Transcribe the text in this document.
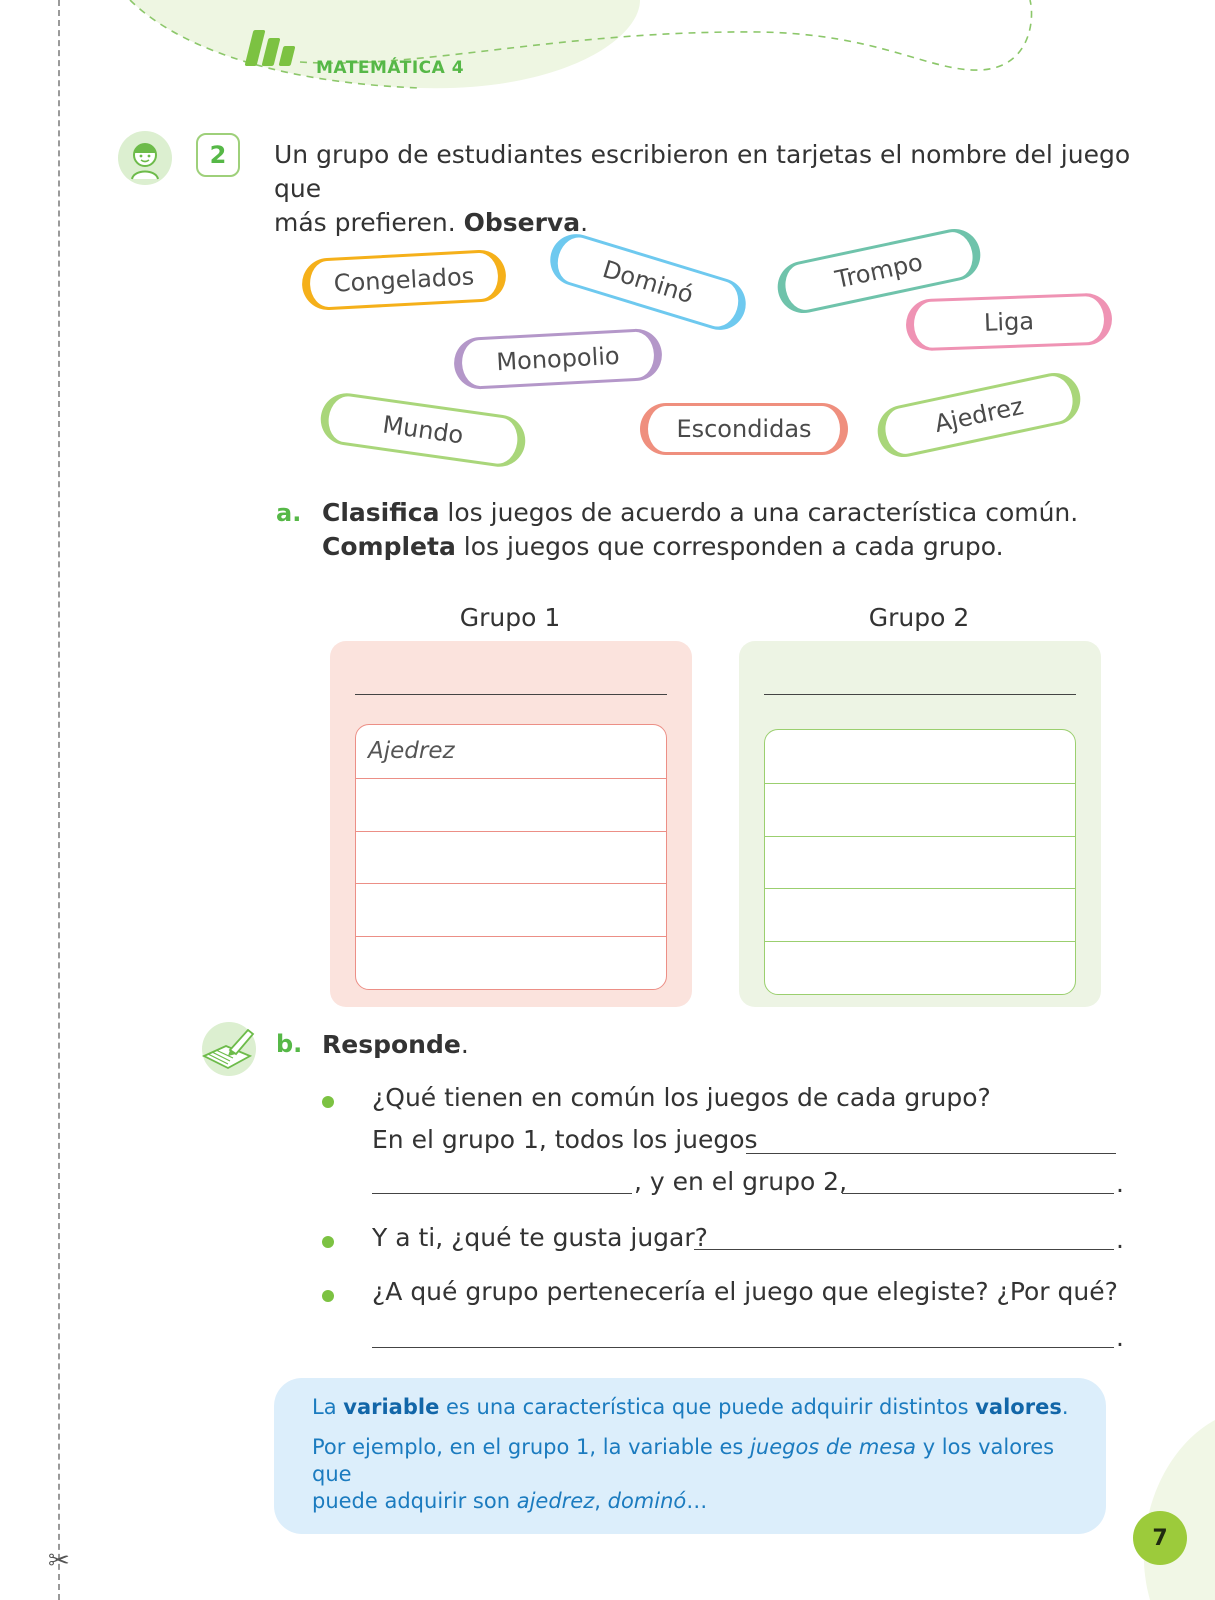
✂
MATEMÁTICA 4
2	Un grupo de estudiantes escribieron en tarjetas el nombre del juego que
más prefieren. Observa.
Congelados	Dominó	Trompo
Liga
Monopolio
Mundo	Escondidas	Ajedrez
a. Clasifica los juegos de acuerdo a una característica común.
Completa los juegos que corresponden a cada grupo.
Grupo 1	Grupo 2
Ajedrez
b. Responde.
¿Qué tienen en común los juegos de cada grupo?
En el grupo 1, todos los juegos
, y en el grupo 2,	.
Y a ti, ¿qué te gusta jugar?	.
¿A qué grupo pertenecería el juego que elegiste? ¿Por qué?
.

La variable es una característica que puede adquirir distintos valores.

Por ejemplo, en el grupo 1, la variable es juegos de mesa y los valores que
puede adquirir son ajedrez, dominó…

7
